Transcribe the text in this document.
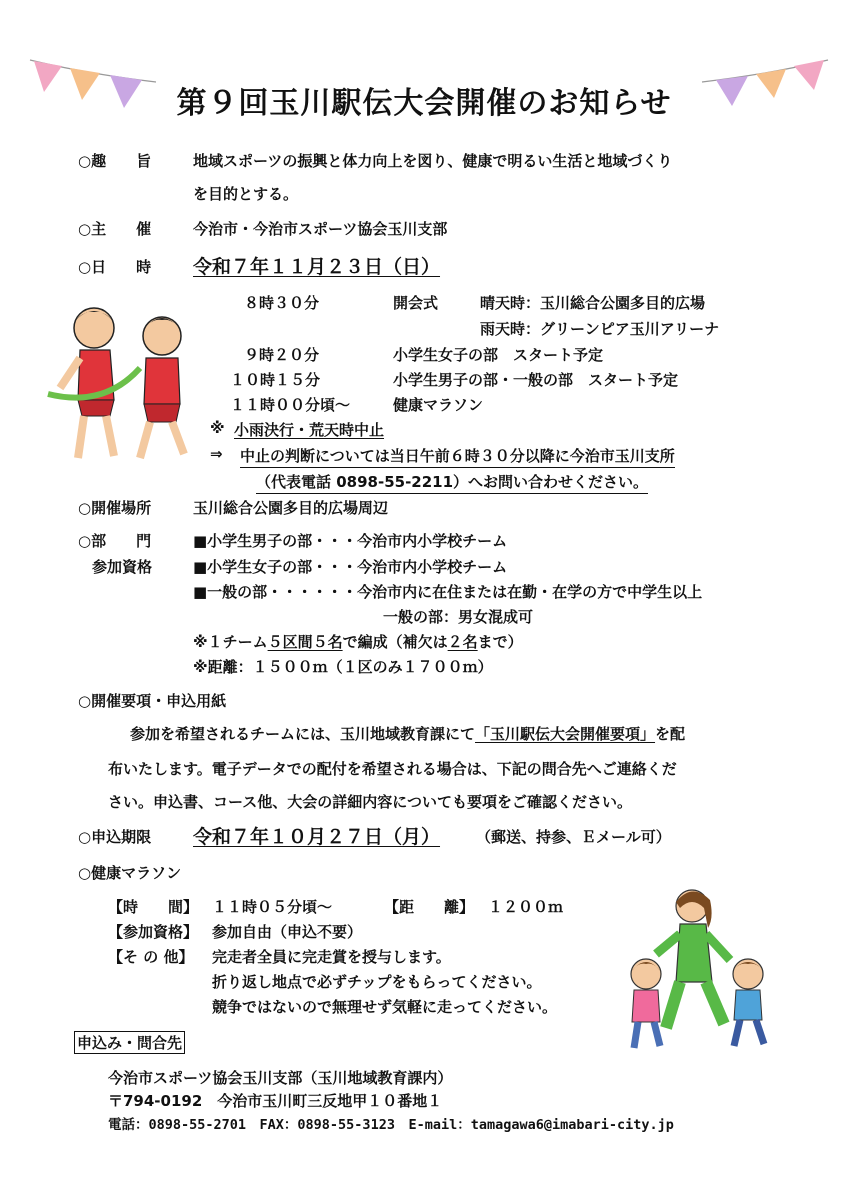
第９回玉川駅伝大会開催のお知らせ
○趣　　旨	地域スポーツの振興と体力向上を図り、健康で明るい生活と地域づくり
を目的とする。
○主　　催	今治市・今治市スポーツ協会玉川支部
○日　　時 令和７年１１月２３日（日）
８時３０分	開会式	晴天時：玉川総合公園多目的広場
雨天時：グリーンピア玉川アリーナ
９時２０分	小学生女子の部　スタート予定
１０時１５分	小学生男子の部・一般の部　スタート予定
１１時００分頃～	健康マラソン
※ 小雨決行・荒天時中止
⇒ 中止の判断については当日午前６時３０分以降に今治市玉川支所
（代表電話 0898-55-2211）へお問い合わせください。
○開催場所	玉川総合公園多目的広場周辺
○部　　門
参加資格
■小学生男子の部・・・今治市内小学校チーム
■小学生女子の部・・・今治市内小学校チーム
■一般の部・・・・・・今治市内に在住または在勤・在学の方で中学生以上
一般の部：男女混成可
※１チーム５区間５名で編成（補欠は２名まで）
※距離：１５００ｍ（１区のみ１７００ｍ）
○開催要項・申込用紙
参加を希望されるチームには、玉川地域教育課にて「玉川駅伝大会開催要項」を配
布いたします。電子データでの配付を希望される場合は、下記の問合先へご連絡くだ
さい。申込書、コース他、大会の詳細内容についても要項をご確認ください。
○申込期限 令和７年１０月２７日（月） （郵送、持参、Ｅメール可）
○健康マラソン
【時　　間】 １１時０５分頃～	【距　　離】 １２００ｍ
【参加資格】 参加自由（申込不要）
【そ の 他】 完走者全員に完走賞を授与します。
折り返し地点で必ずチップをもらってください。
競争ではないので無理せず気軽に走ってください。
申込み・問合先
今治市スポーツ協会玉川支部（玉川地域教育課内）
〒794-0192　今治市玉川町三反地甲１０番地１
電話：0898-55-2701　FAX：0898-55-3123　E-mail：tamagawa6@imabari-city.jp
